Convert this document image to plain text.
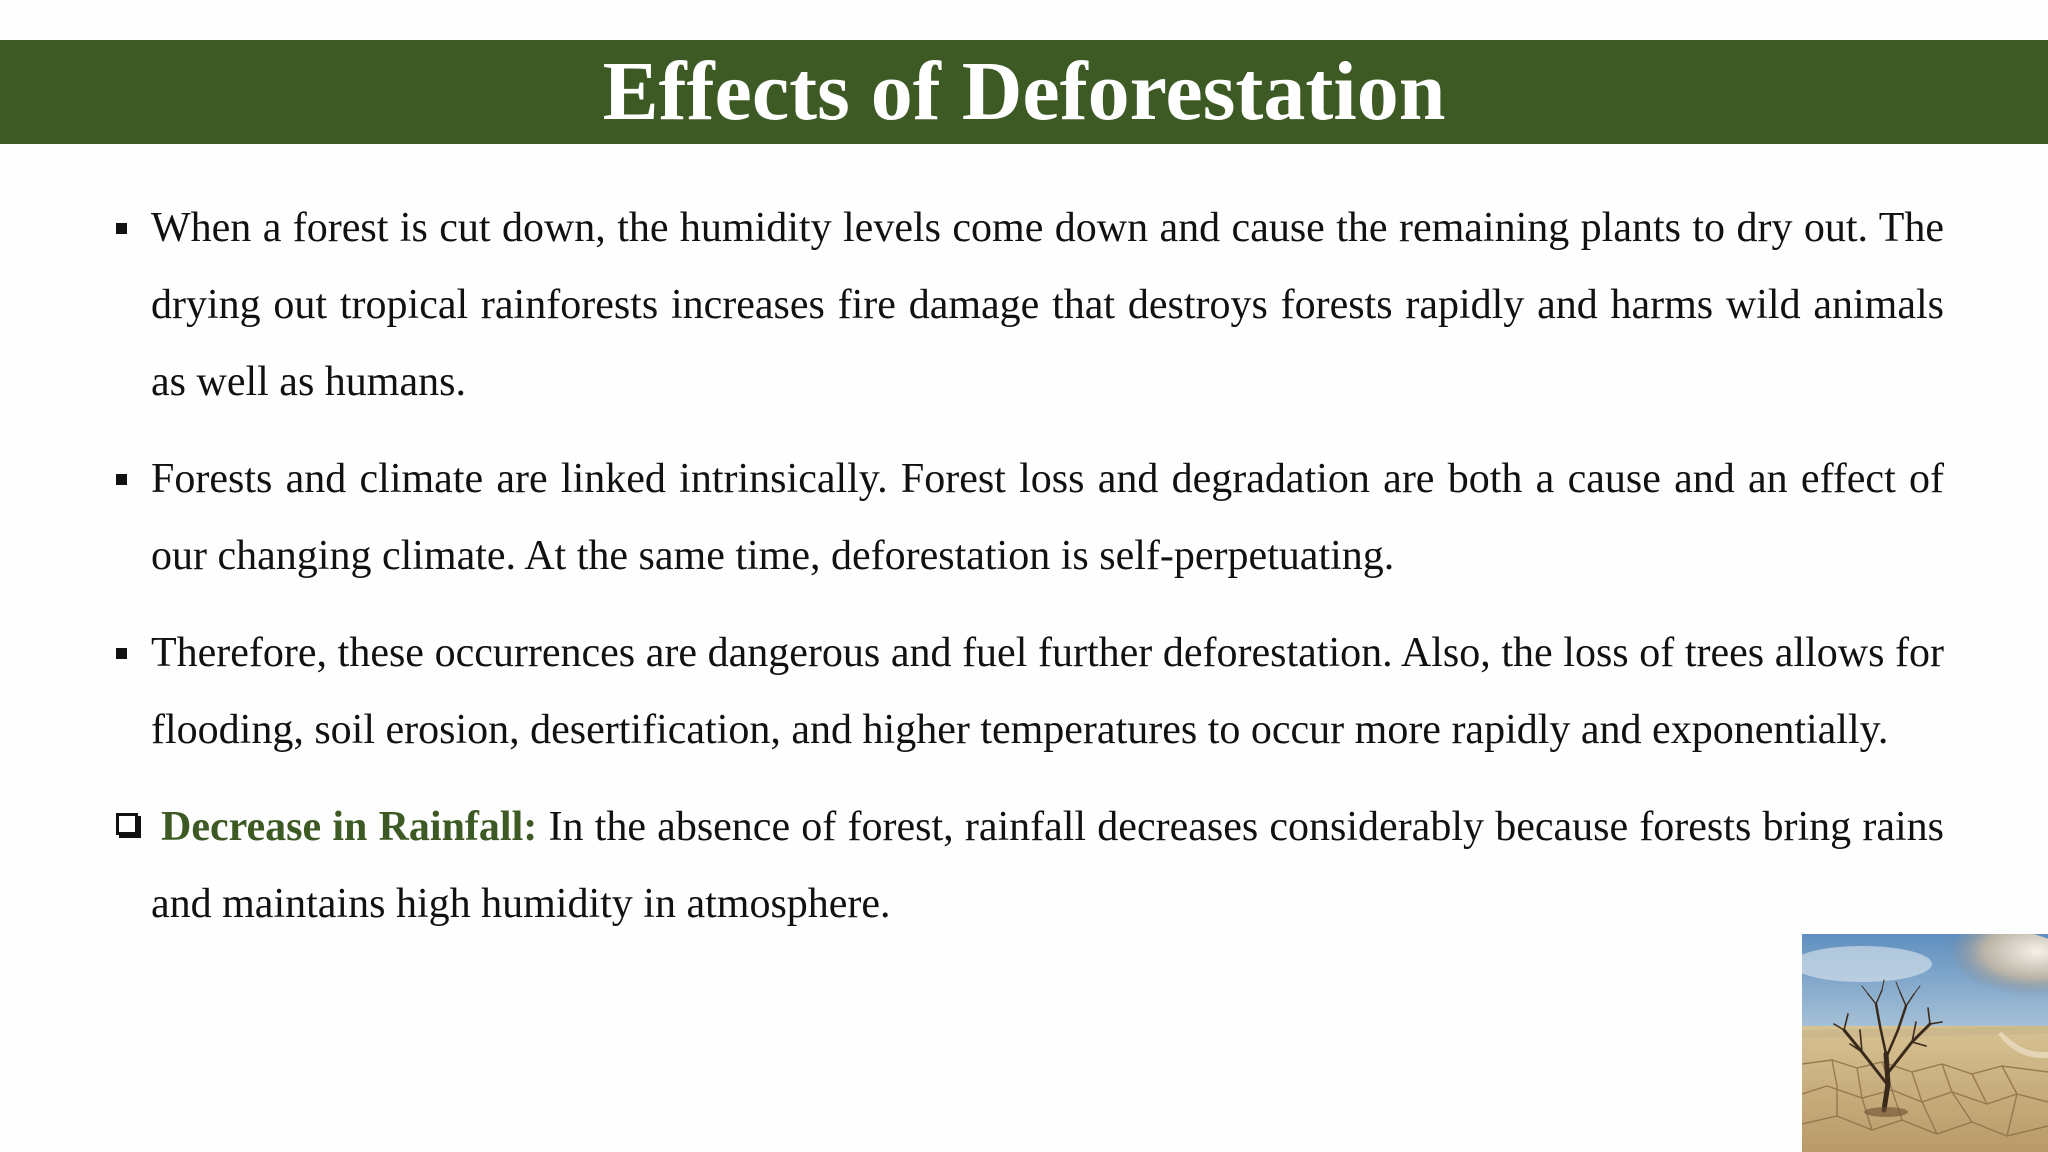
Effects of Deforestation
When a forest is cut down, the humidity levels come down and cause the remaining plants to dry out. The drying out tropical rainforests increases fire damage that destroys forests rapidly and harms wild animals as well as humans.
Forests and climate are linked intrinsically. Forest loss and degradation are both a cause and an effect of our changing climate. At the same time, deforestation is self-perpetuating.
Therefore, these occurrences are dangerous and fuel further deforestation. Also, the loss of trees allows for flooding, soil erosion, desertification, and higher temperatures to occur more rapidly and exponentially.
Decrease in Rainfall: In the absence of forest, rainfall decreases considerably because forests bring rains and maintains high humidity in atmosphere.
